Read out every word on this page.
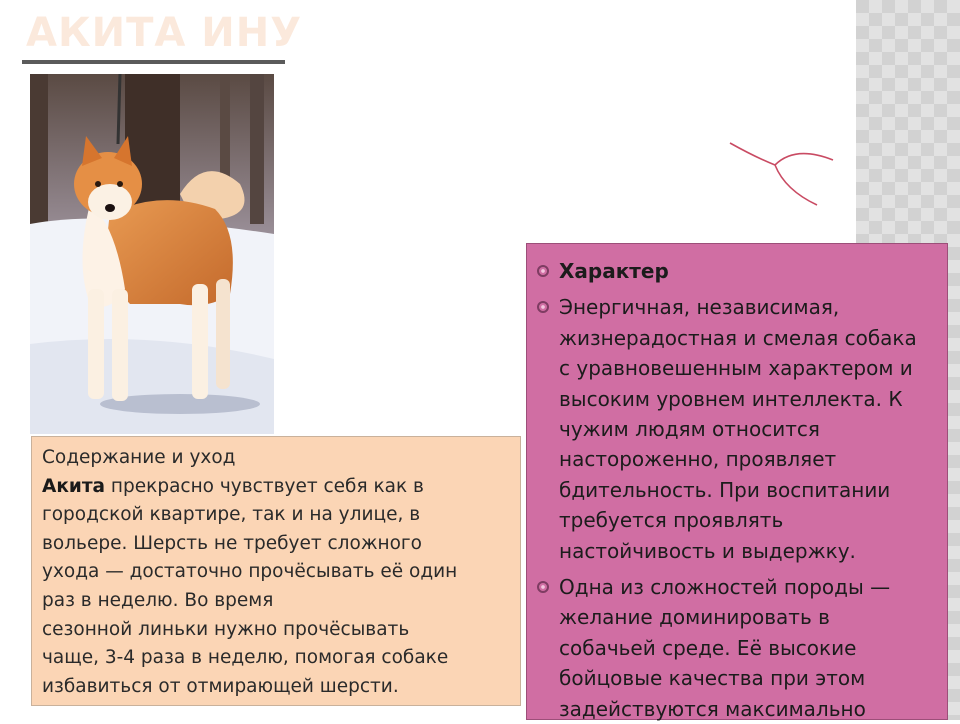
АКИТА ИНУ

Содержание и уход

Акита прекрасно чувствует себя как в

городской квартире, так и на улице, в

вольере. Шерсть не требует сложного

ухода — достаточно прочёсывать её один

раз в неделю. Во время

сезонной линьки нужно прочёсывать

чаще, 3-4 раза в неделю, помогая собаке

избавиться от отмирающей шерсти.

Характер
Энергичная, независимая,
жизнерадостная и смелая собака
с уравновешенным характером и
высоким уровнем интеллекта. К
чужим людям относится
настороженно, проявляет
бдительность. При воспитании
требуется проявлять
настойчивость и выдержку.
Одна из сложностей породы —
желание доминировать в
собачьей среде. Её высокие
бойцовые качества при этом
задействуются максимально
